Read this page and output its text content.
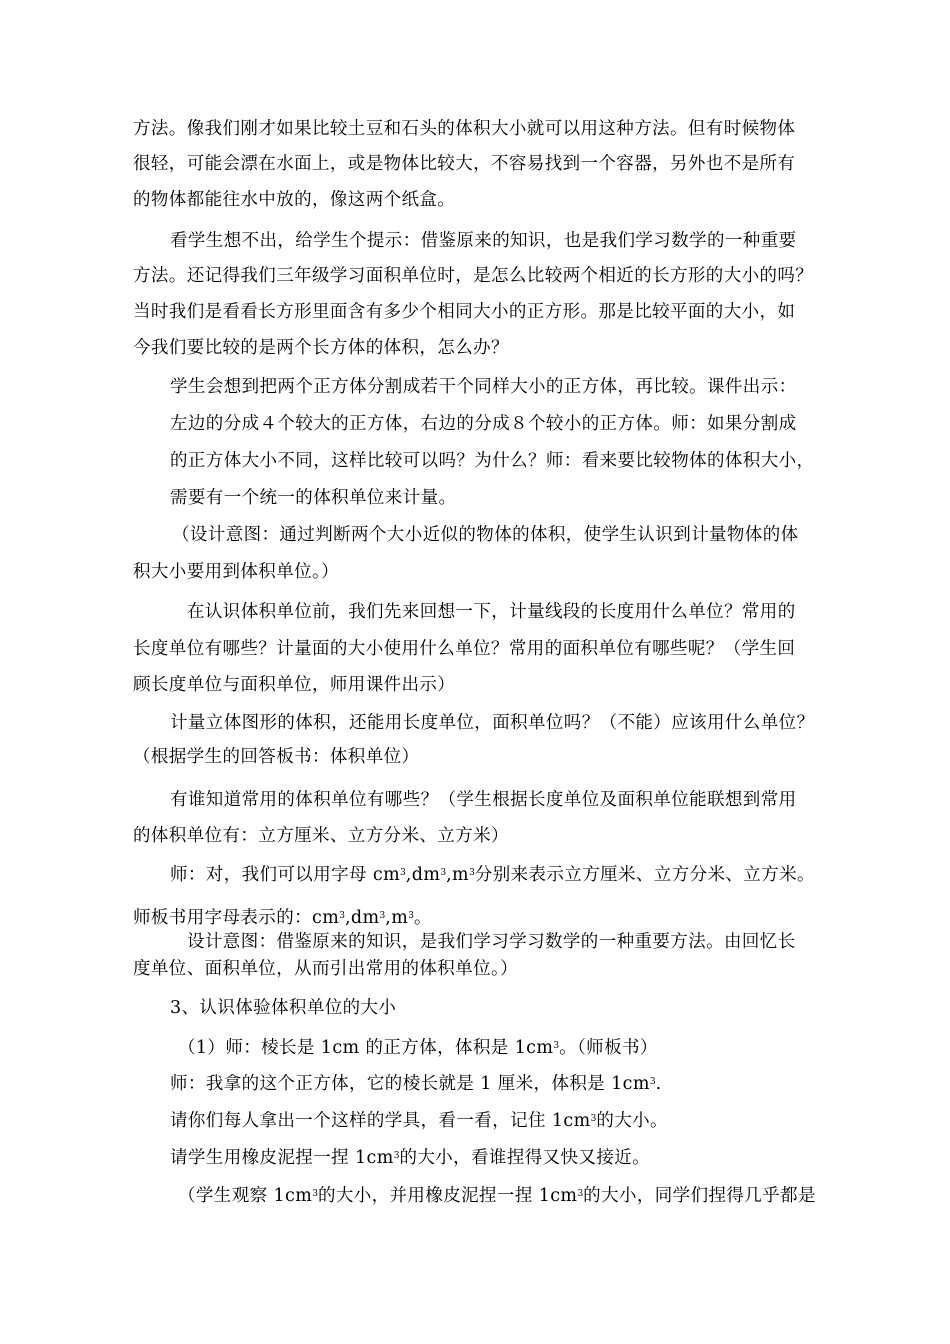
方法。像我们刚才如果比较土豆和石头的体积大小就可以用这种方法。但有时候物体
很轻，可能会漂在水面上，或是物体比较大，不容易找到一个容器，另外也不是所有
的物体都能往水中放的，像这两个纸盒。
看学生想不出，给学生个提示：借鉴原来的知识，也是我们学习数学的一种重要
方法。还记得我们三年级学习面积单位时，是怎么比较两个相近的长方形的大小的吗？
当时我们是看看长方形里面含有多少个相同大小的正方形。那是比较平面的大小，如
今我们要比较的是两个长方体的体积，怎么办？
学生会想到把两个正方体分割成若干个同样大小的正方体，再比较。课件出示：
左边的分成４个较大的正方体，右边的分成８个较小的正方体。师：如果分割成
的正方体大小不同，这样比较可以吗？为什么？师：看来要比较物体的体积大小，
需要有一个统一的体积单位来计量。
（设计意图：通过判断两个大小近似的物体的体积，使学生认识到计量物体的体
积大小要用到体积单位。）
在认识体积单位前，我们先来回想一下，计量线段的长度用什么单位？常用的
长度单位有哪些？计量面的大小使用什么单位？常用的面积单位有哪些呢？（学生回
顾长度单位与面积单位，师用课件出示）
计量立体图形的体积，还能用长度单位，面积单位吗？（不能）应该用什么单位？
（根据学生的回答板书：体积单位）
有谁知道常用的体积单位有哪些？（学生根据长度单位及面积单位能联想到常用
的体积单位有：立方厘米、立方分米、立方米）
师：对，我们可以用字母 $cm^3,dm^3,m^3$分别来表示立方厘米、立方分米、立方米。
师板书用字母表示的：$cm^3,dm^3,m^3$。
设计意图：借鉴原来的知识，是我们学习学习数学的一种重要方法。由回忆长
度单位、面积单位，从而引出常用的体积单位。）
3、认识体验体积单位的大小
（1）师：棱长是 1cm 的正方体，体积是 $1cm^3$。（师板书）
师：我拿的这个正方体，它的棱长就是 1 厘米，体积是 $1cm^3$.
请你们每人拿出一个这样的学具，看一看，记住 $1cm^3$的大小。
请学生用橡皮泥捏一捏 $1cm^3$的大小，看谁捏得又快又接近。
（学生观察 $1cm^3$的大小，并用橡皮泥捏一捏 $1cm^3$的大小，同学们捏得几乎都是
